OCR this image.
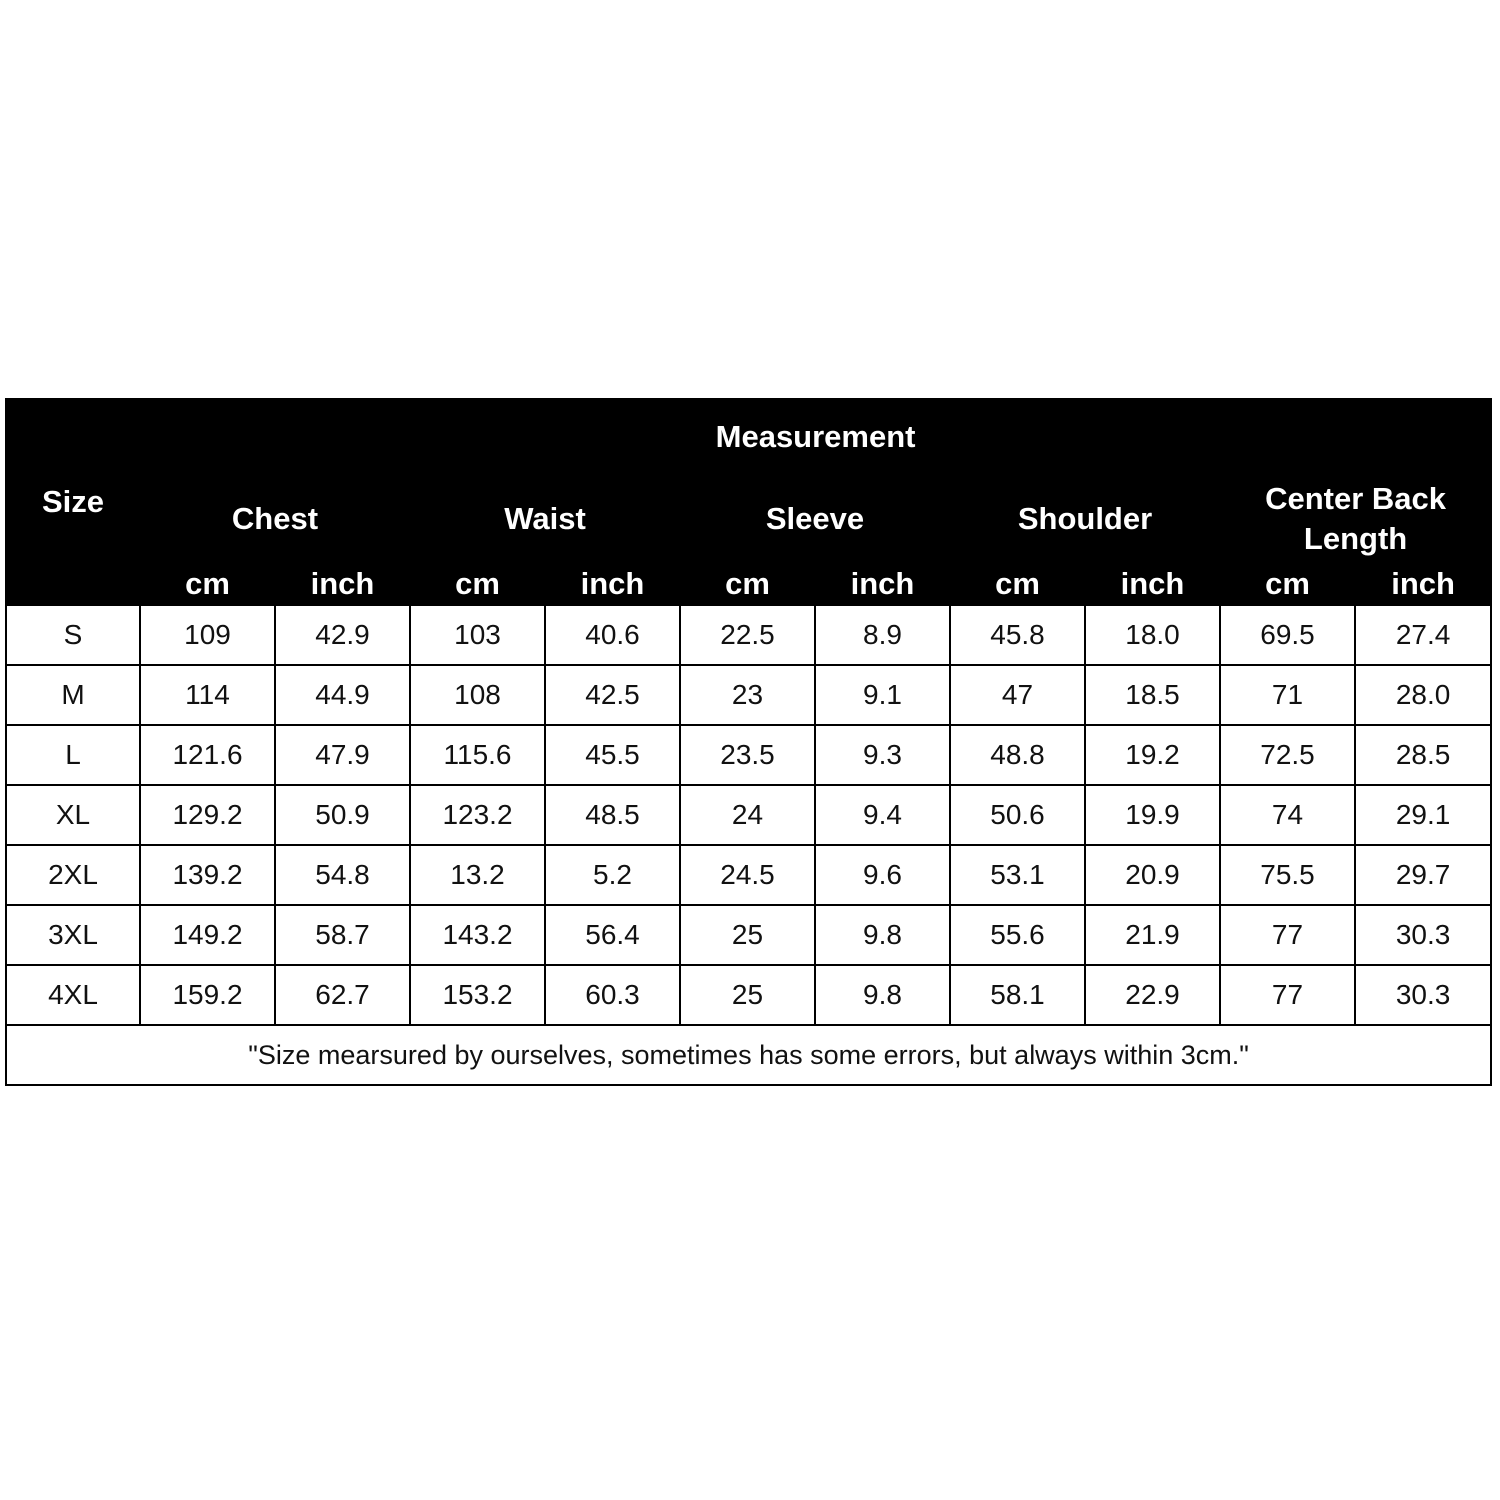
Size	Measurement									
	Chest		Waist		Sleeve		Shoulder		Center Back Length	
	cm	inch	cm	inch	cm	inch	cm	inch	cm	inch
S	109	42.9	103	40.6	22.5	8.9	45.8	18.0	69.5	27.4
M	114	44.9	108	42.5	23	9.1	47	18.5	71	28.0
L	121.6	47.9	115.6	45.5	23.5	9.3	48.8	19.2	72.5	28.5
XL	129.2	50.9	123.2	48.5	24	9.4	50.6	19.9	74	29.1
2XL	139.2	54.8	13.2	5.2	24.5	9.6	53.1	20.9	75.5	29.7
3XL	149.2	58.7	143.2	56.4	25	9.8	55.6	21.9	77	30.3
4XL	159.2	62.7	153.2	60.3	25	9.8	58.1	22.9	77	30.3
"Size mearsured by ourselves, sometimes has some errors, but always within 3cm."										
